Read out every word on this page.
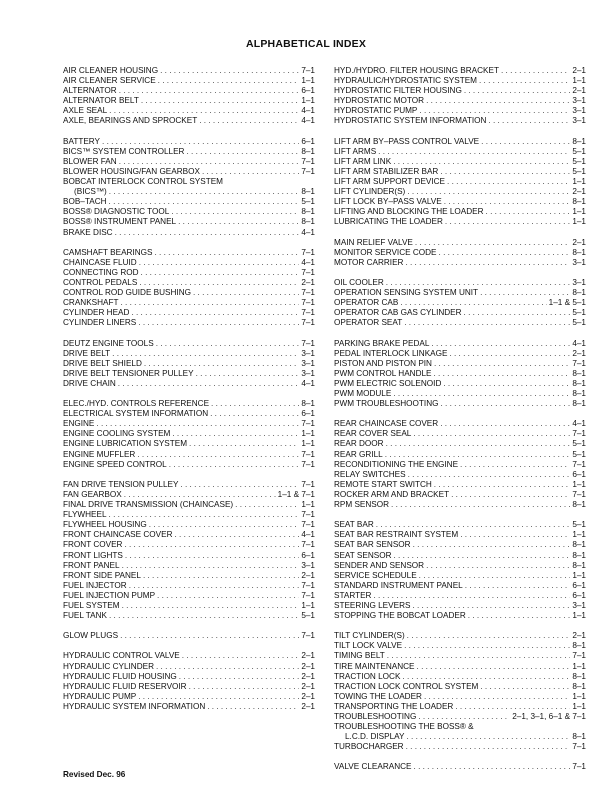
ALPHABETICAL INDEX
AIR CLEANER HOUSING . . .	7–1
AIR CLEANER SERVICE . . .	1–1
ALTERNATOR . . .	6–1
ALTERNATOR BELT . . .	1–1
AXLE SEAL . . .	4–1
AXLE, BEARINGS AND SPROCKET . . .	4–1
BATTERY . . .	6–1
BICS™ SYSTEM CONTROLLER . . .	8–1
BLOWER FAN . . .	7–1
BLOWER HOUSING/FAN GEARBOX . . .	7–1
BOBCAT INTERLOCK CONTROL SYSTEM
(BICS™) . . .	8–1
BOB–TACH . . .	5–1
BOSS® DIAGNOSTIC TOOL . . .	8–1
BOSS® INSTRUMENT PANEL . . .	8–1
BRAKE DISC . . .	4–1
CAMSHAFT BEARINGS . . .	7–1
CHAINCASE FLUID . . .	4–1
CONNECTING ROD . . .	7–1
CONTROL PEDALS . . .	2–1
CONTROL ROD GUIDE BUSHING . . .	7–1
CRANKSHAFT . . .	7–1
CYLINDER HEAD . . .	7–1
CYLINDER LINERS . . .	7–1
DEUTZ ENGINE TOOLS . . .	7–1
DRIVE BELT . . .	3–1
DRIVE BELT SHIELD . . .	3–1
DRIVE BELT TENSIONER PULLEY . . .	3–1
DRIVE CHAIN . . .	4–1
ELEC./HYD. CONTROLS REFERENCE . . .	8–1
ELECTRICAL SYSTEM INFORMATION . . .	6–1
ENGINE . . .	7–1
ENGINE COOLING SYSTEM . . .	1–1
ENGINE LUBRICATION SYSTEM . . .	1–1
ENGINE MUFFLER . . .	7–1
ENGINE SPEED CONTROL . . .	7–1
FAN DRIVE TENSION PULLEY . . .	7–1
FAN GEARBOX . . .	1–1 & 7–1
FINAL DRIVE TRANSMISSION (CHAINCASE) . . .	1–1
FLYWHEEL . . .	7–1
FLYWHEEL HOUSING . . .	7–1
FRONT CHAINCASE COVER . . .	4–1
FRONT COVER . . .	7–1
FRONT LIGHTS . . .	6–1
FRONT PANEL . . .	3–1
FRONT SIDE PANEL . . .	2–1
FUEL INJECTOR . . .	7–1
FUEL INJECTION PUMP . . .	7–1
FUEL SYSTEM . . .	1–1
FUEL TANK . . .	5–1
GLOW PLUGS . . .	7–1
HYDRAULIC CONTROL VALVE . . .	2–1
HYDRAULIC CYLINDER . . .	2–1
HYDRAULIC FLUID HOUSING . . .	2–1
HYDRAULIC FLUID RESERVOIR . . .	2–1
HYDRAULIC PUMP . . .	2–1
HYDRAULIC SYSTEM INFORMATION . . .	2–1
HYD./HYDRO. FILTER HOUSING BRACKET . . .	2–1
HYDRAULIC/HYDROSTATIC SYSTEM . . .	1–1
HYDROSTATIC FILTER HOUSING . . .	2–1
HYDROSTATIC MOTOR . . .	3–1
HYDROSTATIC PUMP . . .	3–1
HYDROSTATIC SYSTEM INFORMATION . . .	3–1
LIFT ARM BY–PASS CONTROL VALVE . . .	8–1
LIFT ARMS . . .	5–1
LIFT ARM LINK . . .	5–1
LIFT ARM STABILIZER BAR . . .	5–1
LIFT ARM SUPPORT DEVICE . . .	1–1
LIFT CYLINDER(S) . . .	2–1
LIFT LOCK BY–PASS VALVE . . .	8–1
LIFTING AND BLOCKING THE LOADER . . .	1–1
LUBRICATING THE LOADER . . .	1–1
MAIN RELIEF VALVE . . .	2–1
MONITOR SERVICE CODE . . .	8–1
MOTOR CARRIER . . .	3–1
OIL COOLER . . .	3–1
OPERATION SENSING SYSTEM UNIT . . .	8–1
OPERATOR CAB . . .	1–1 & 5–1
OPERATOR CAB GAS CYLINDER . . .	5–1
OPERATOR SEAT . . .	5–1
PARKING BRAKE PEDAL . . .	4–1
PEDAL INTERLOCK LINKAGE . . .	2–1
PISTON AND PISTON PIN . . .	7–1
PWM CONTROL HANDLE . . .	8–1
PWM ELECTRIC SOLENOID . . .	8–1
PWM MODULE . . .	8–1
PWM TROUBLESHOOTING . . .	8–1
REAR CHAINCASE COVER . . .	4–1
REAR COVER SEAL . . .	7–1
REAR DOOR . . .	5–1
REAR GRILL . . .	5–1
RECONDITIONING THE ENGINE . . .	7–1
RELAY SWITCHES . . .	6–1
REMOTE START SWITCH . . .	1–1
ROCKER ARM AND BRACKET . . .	7–1
RPM SENSOR . . .	8–1
SEAT BAR . . .	5–1
SEAT BAR RESTRAINT SYSTEM . . .	1–1
SEAT BAR SENSOR . . .	8–1
SEAT SENSOR . . .	8–1
SENDER AND SENSOR . . .	8–1
SERVICE SCHEDULE . . .	1–1
STANDARD INSTRUMENT PANEL . . .	6–1
STARTER . . .	6–1
STEERING LEVERS . . .	3–1
STOPPING THE BOBCAT LOADER . . .	1–1
TILT CYLINDER(S) . . .	2–1
TILT LOCK VALVE . . .	8–1
TIMING BELT . . .	7–1
TIRE MAINTENANCE . . .	1–1
TRACTION LOCK . . .	8–1
TRACTION LOCK CONTROL SYSTEM . . .	8–1
TOWING THE LOADER . . .	1–1
TRANSPORTING THE LOADER . . .	1–1
TROUBLESHOOTING . . .	2–1, 3–1, 6–1 & 7–1
TROUBLESHOOTING THE BOSS® &
L.C.D. DISPLAY . . .	8–1
TURBOCHARGER . . .	7–1
VALVE CLEARANCE . . .	7–1
Revised Dec. 96
